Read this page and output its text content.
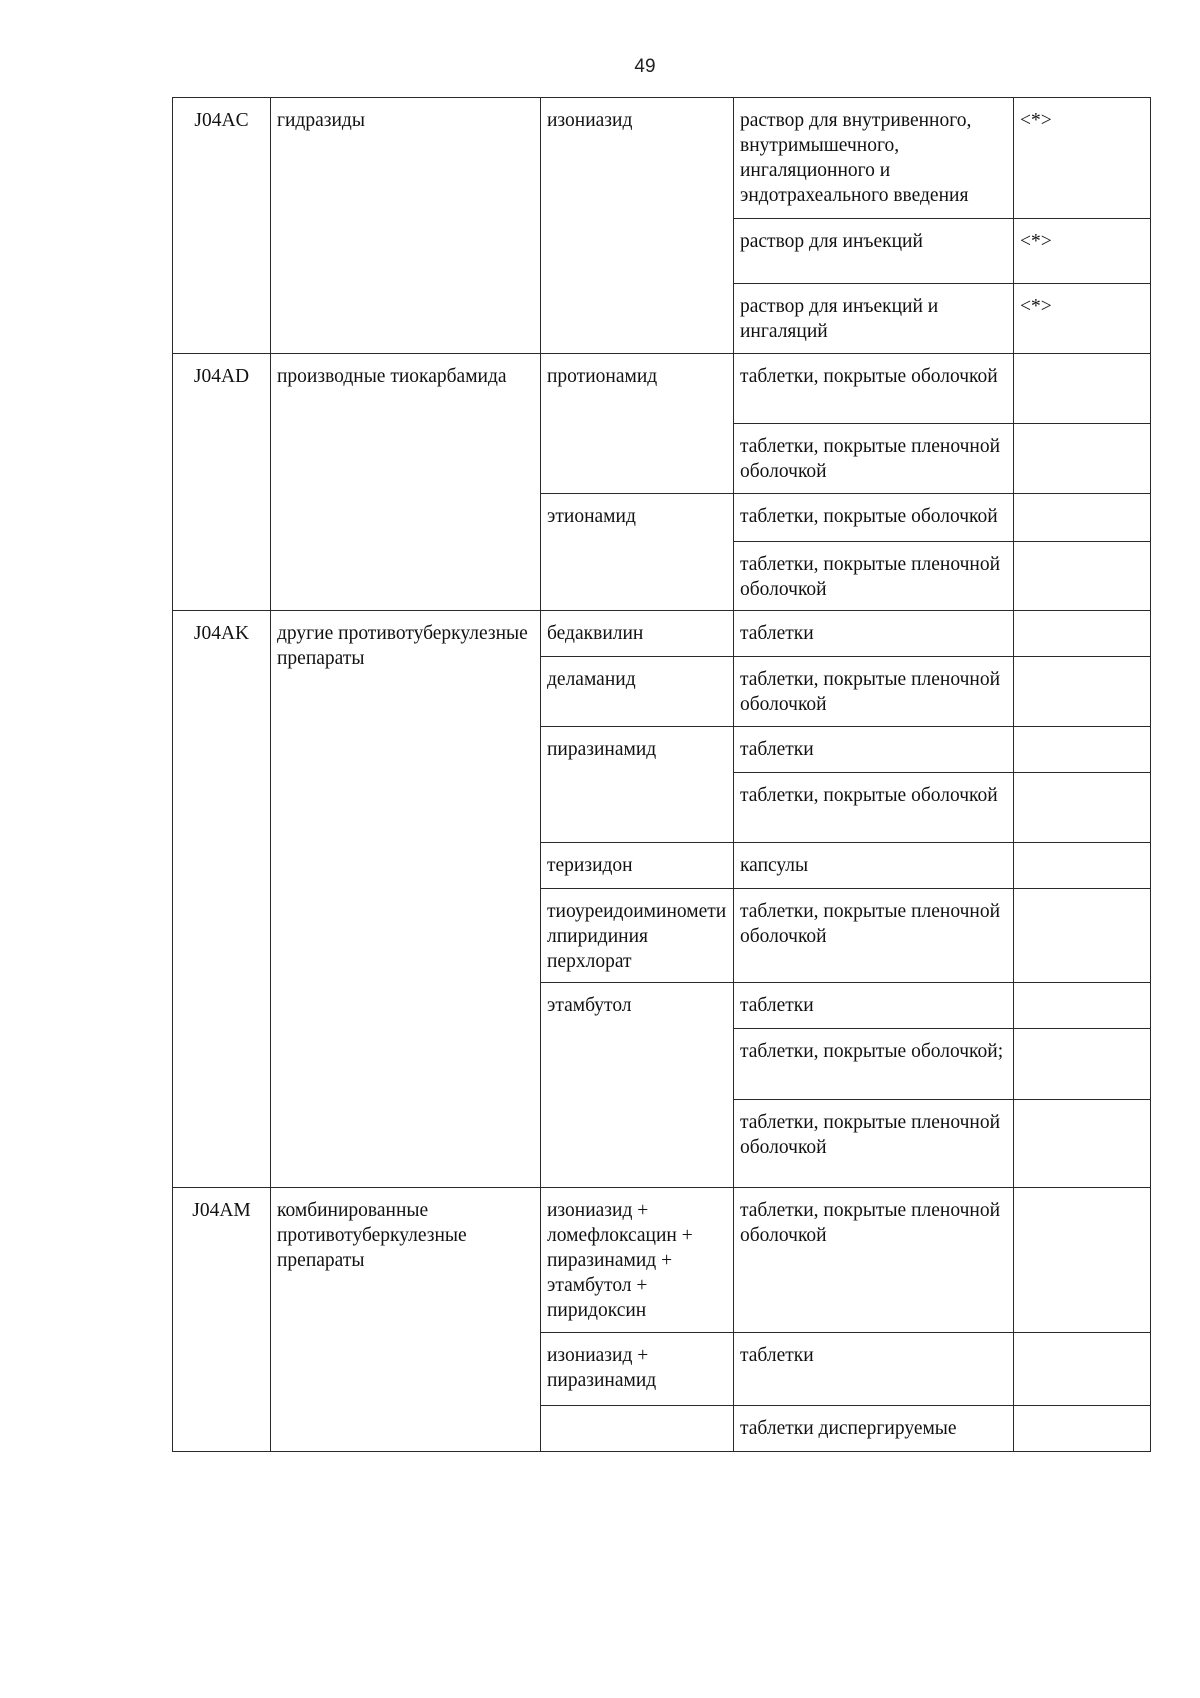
49
J04AC	гидразиды	изониазид	раствор для внутривенного, внутримышечного, ингаляционного и эндотрахеального введения	<*>
			раствор для инъекций	<*>
			раствор для инъекций и ингаляций	<*>
J04AD	производные тиокарбамида	протионамид	таблетки, покрытые оболочкой	
			таблетки, покрытые пленочной оболочкой	
		этионамид	таблетки, покрытые оболочкой	
			таблетки, покрытые пленочной оболочкой	
J04AK	другие противотуберкулезные препараты	бедаквилин	таблетки	
		деламанид	таблетки, покрытые пленочной оболочкой	
		пиразинамид	таблетки	
			таблетки, покрытые оболочкой	
		теризидон	капсулы	
		тиоуреидоиминометилпиридиния перхлорат	таблетки, покрытые пленочной оболочкой	
		этамбутол	таблетки	
			таблетки, покрытые оболочкой;	
			таблетки, покрытые пленочной оболочкой	
J04AM	комбинированные противотуберкулезные препараты	изониазид + ломефлоксацин + пиразинамид + этамбутол + пиридоксин	таблетки, покрытые пленочной оболочкой	
		изониазид + пиразинамид	таблетки	
			таблетки диспергируемые	
